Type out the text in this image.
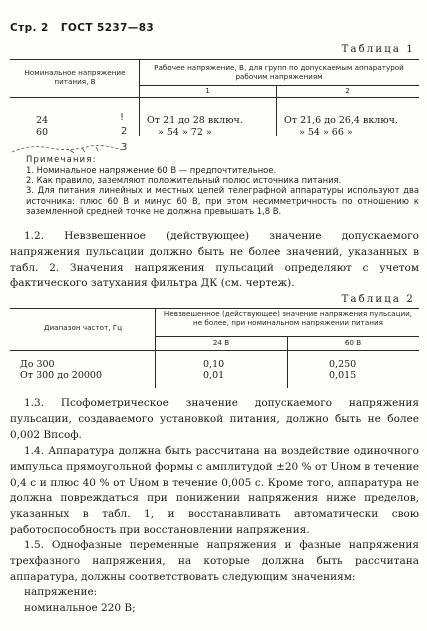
Стр. 2 ГОСТ 5237—83
Таблица 1
Номинальное напряжение питания, В
Рабочее напряжение, В, для групп по допускаемым аппаратурой рабочим напряжениям
1	2
24	От 21 до 28 включ.	От 21,6 до 26,4 включ.
60	» 54 » 72 »	» 54 » 66 »
!
2
3
Примечания:
1. Номинальное напряжение 60 В — предпочтительное.
2. Как правило, заземляют положительный полюс источника питания.
3. Для питания линейных и местных цепей телеграфной аппаратуры используют два источника: плюс 60 В и минус 60 В, при этом несимметричность по отношению к заземленной средней точке не должна превышать 1,8 В.

1.2. Невзвешенное (действующее) значение допускаемого напряжения пульсации должно быть не более значений, указанных в табл. 2. Значения напряжения пульсаций определяют с учетом фактического затухания фильтра ДК (см. чертеж).

Таблица 2
Диапазон частот, Гц
Невзвешенное (действующее) значение напряжения пульсации, не более, при номинальном напряжении питания
24 В	60 В
До 300	0,10	0,250
От 300 до 20000	0,01	0,015

1.3. Псофометрическое значение допускаемого напряжения пульсации, создаваемого установкой питания, должно быть не более 0,002 Впсоф.

1.4. Аппаратура должна быть рассчитана на воздействие одиночного импульса прямоугольной формы с амплитудой ±20 % от Uном в течение 0,4 с и плюс 40 % от Uном в течение 0,005 с. Кроме того, аппаратура не должна повреждаться при понижении напряжения ниже пределов, указанных в табл. 1, и восстанавливать автоматически свою работоспособность при восстановлении напряжения.

1.5. Однофазные переменные напряжения и фазные напряжения трехфазного напряжения, на которые должна быть рассчитана аппаратура, должны соответствовать следующим значениям:

напряжение:
номинальное 220 В;
